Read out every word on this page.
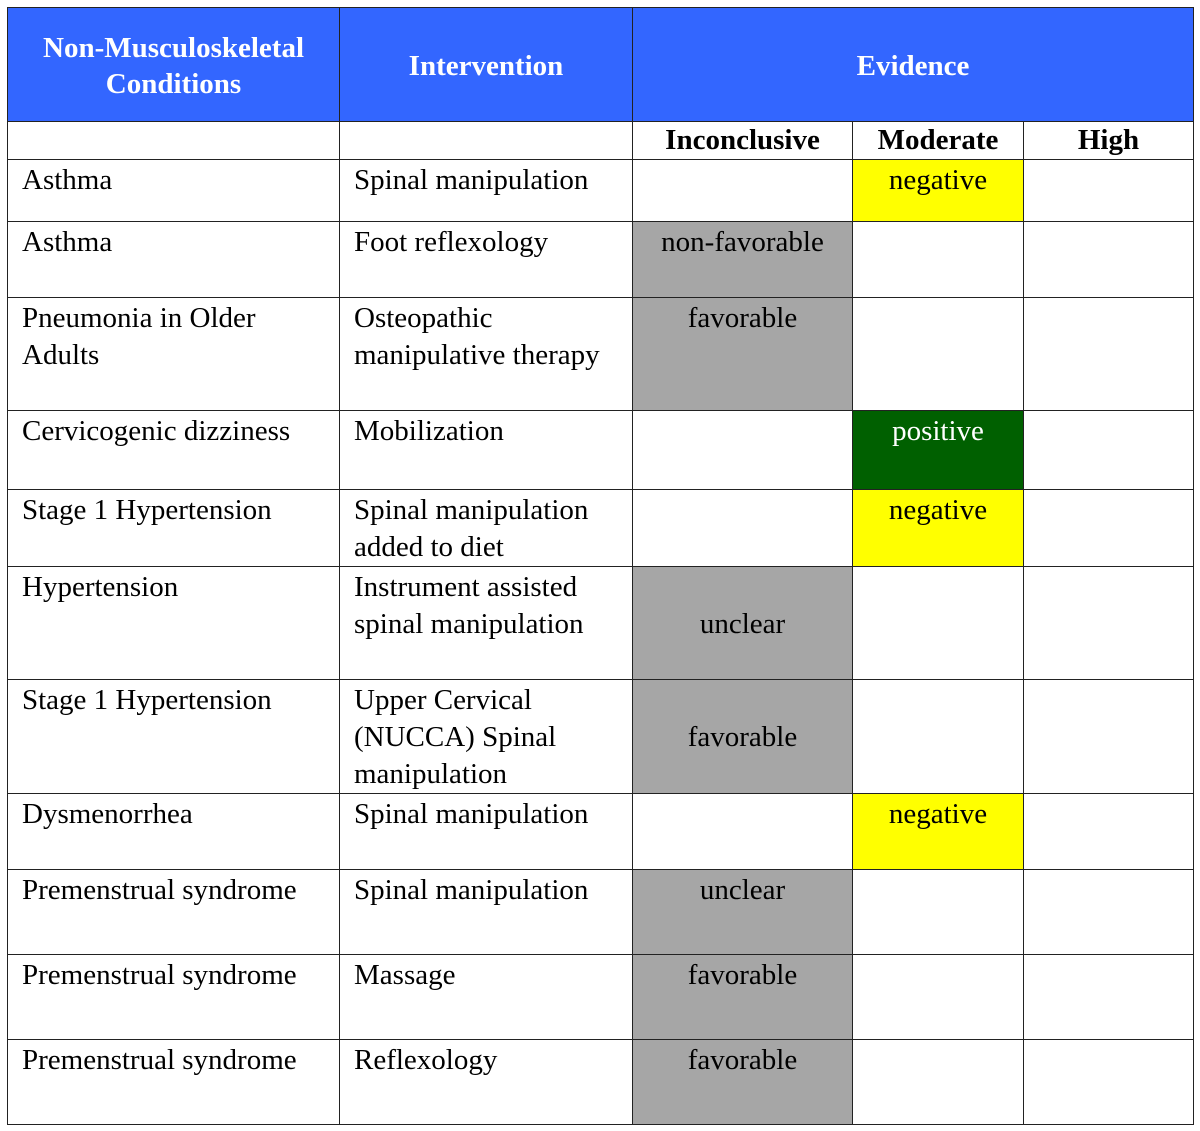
Non-Musculoskeletal Conditions	Intervention	Evidence		
		Inconclusive	Moderate	High
Asthma	Spinal manipulation		negative	
Asthma	Foot reflexology	non-favorable		
Pneumonia in Older Adults	Osteopathic manipulative therapy	favorable		
Cervicogenic dizziness	Mobilization		positive	
Stage 1 Hypertension	Spinal manipulation added to diet		negative	
Hypertension	Instrument assisted spinal manipulation	unclear		
Stage 1 Hypertension	Upper Cervical (NUCCA) Spinal manipulation	favorable		
Dysmenorrhea	Spinal manipulation		negative	
Premenstrual syndrome	Spinal manipulation	unclear		
Premenstrual syndrome	Massage	favorable		
Premenstrual syndrome	Reflexology	favorable		
